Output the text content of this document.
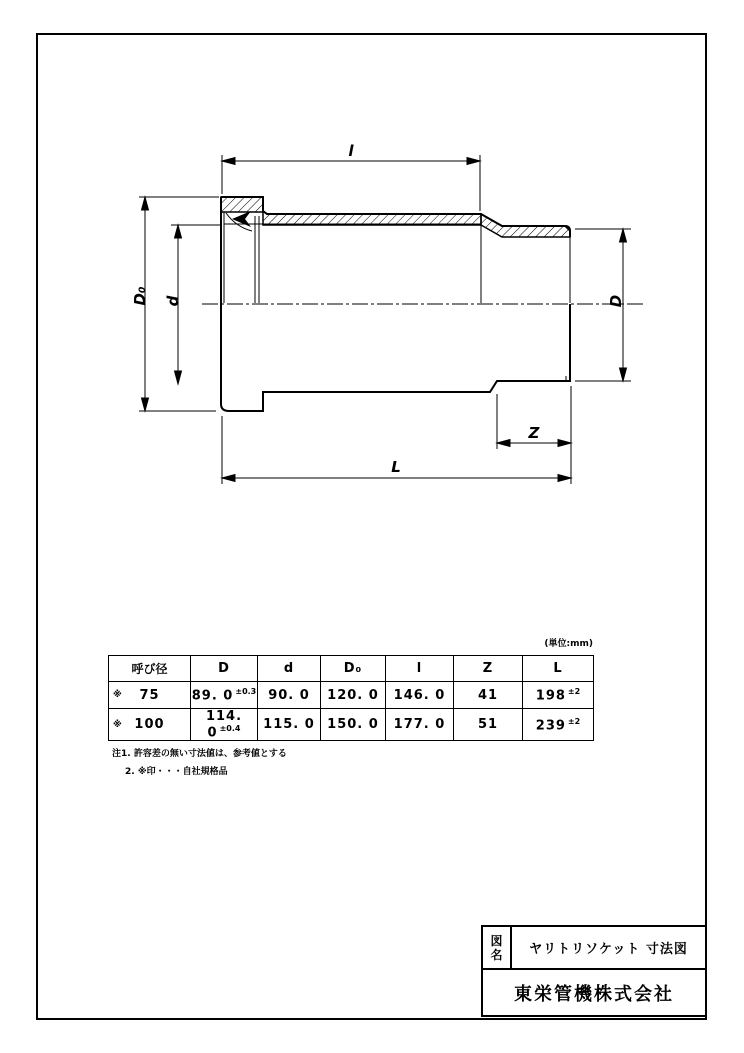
l
D₀ d	D
Z
L
(単位:mm)
呼び径	D	d	D₀	l	Z	L

※ 75	89. 0 $^{\pm 0.3}$	90. 0	120. 0	146. 0	41	198 $^{\pm 2}$

※ 100	114. 0 $^{\pm 0.4}$	115. 0	150. 0	177. 0	51	239 $^{\pm 2}$
注1. 許容差の無い寸法値は、参考値とする
2. ※印・・・自社規格品
図
名	ヤリトリソケット 寸法図
東栄管機株式会社
